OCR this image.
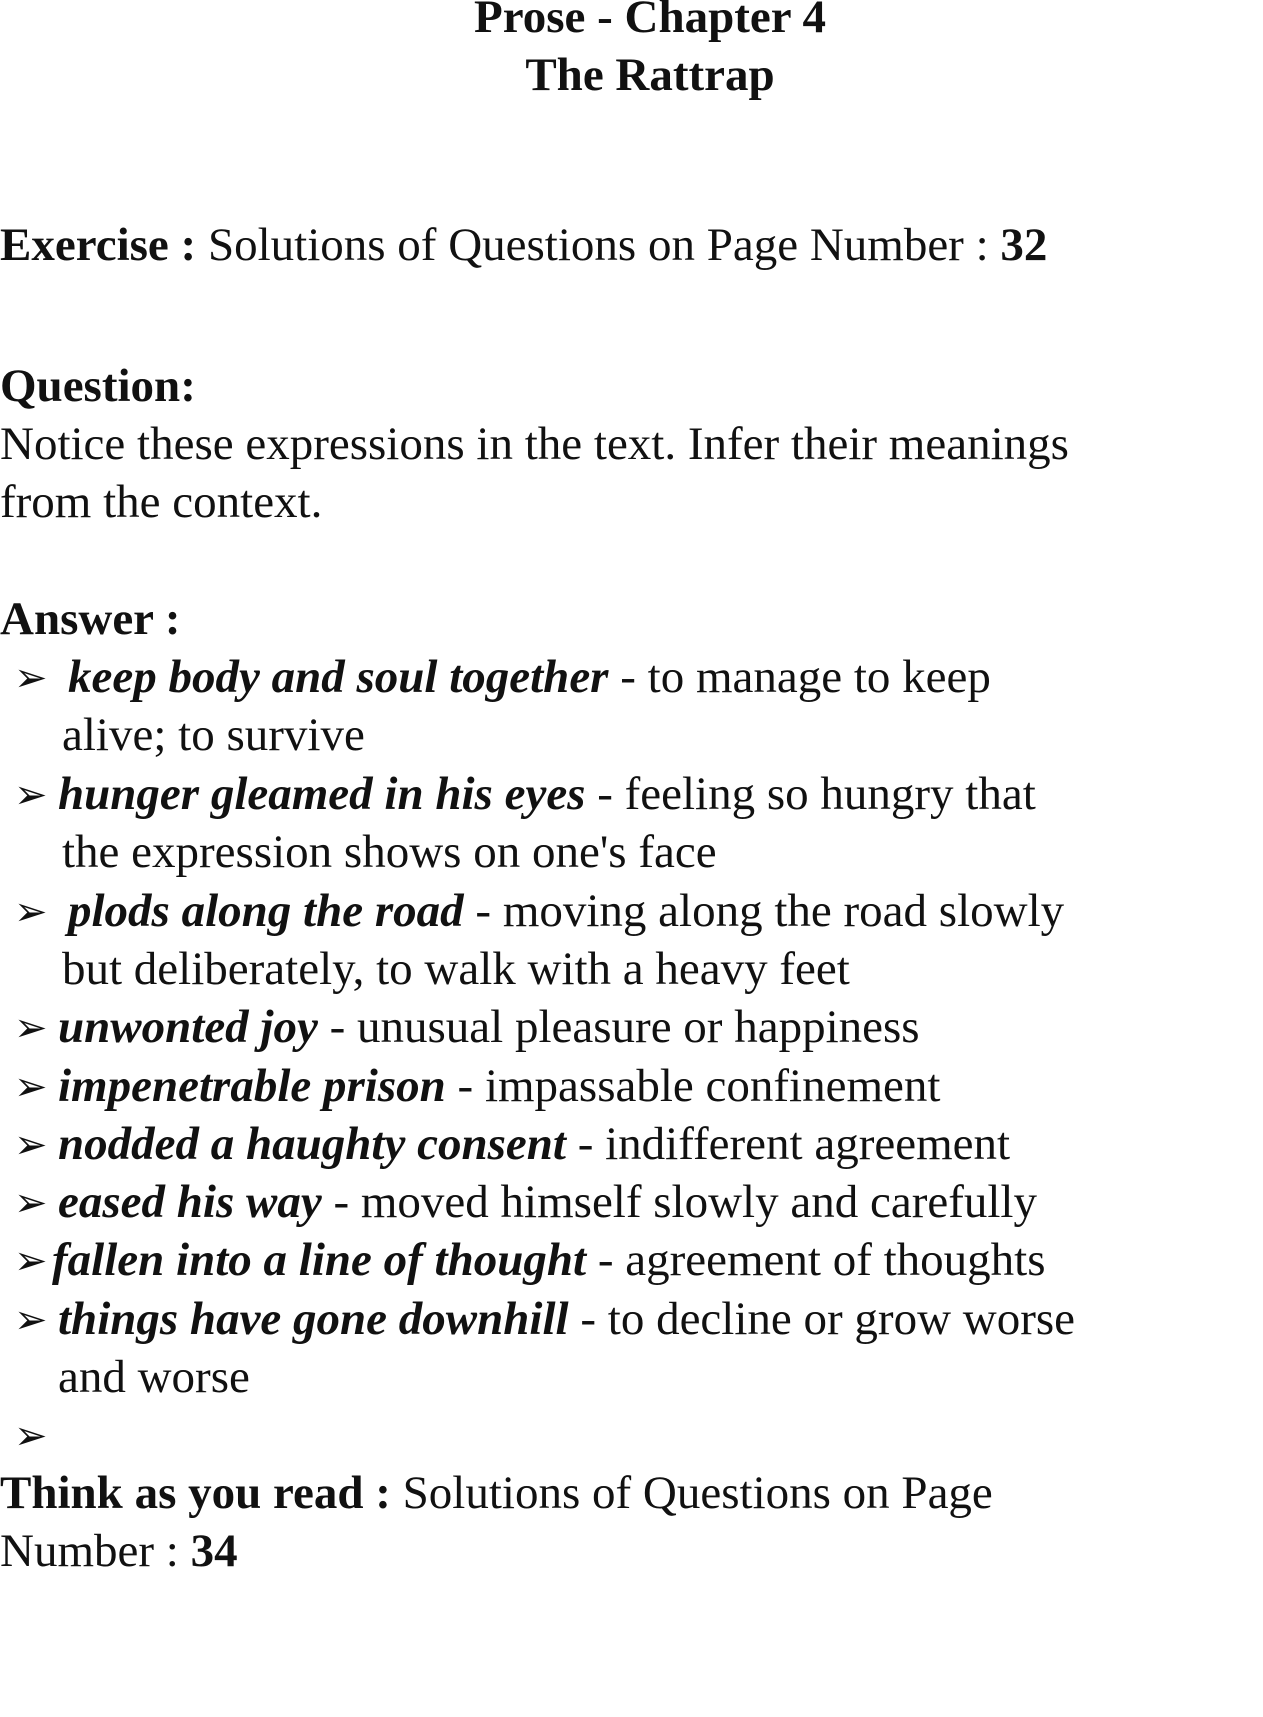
Prose - Chapter 4
The Rattrap
Exercise : Solutions of Questions on Page Number : 32
Question:
Notice these expressions in the text. Infer their meanings
from the context.
Answer :
➢ keep body and soul together - to manage to keep
alive; to survive
➢ hunger gleamed in his eyes - feeling so hungry that
the expression shows on one's face
➢ plods along the road - moving along the road slowly
but deliberately, to walk with a heavy feet
➢ unwonted joy - unusual pleasure or happiness
➢ impenetrable prison - impassable confinement
➢ nodded a haughty consent - indifferent agreement
➢ eased his way - moved himself slowly and carefully
➢ fallen into a line of thought - agreement of thoughts
➢ things have gone downhill - to decline or grow worse
and worse
➢
Think as you read : Solutions of Questions on Page
Number : 34
